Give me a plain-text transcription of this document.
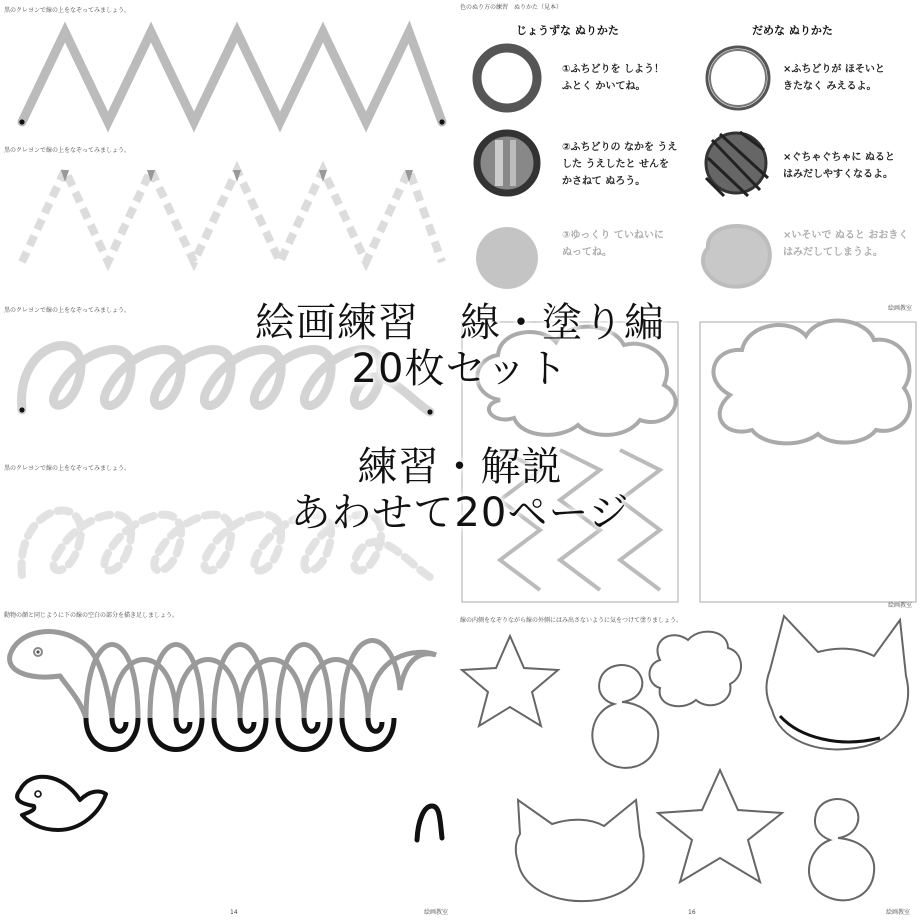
黒のクレヨンで線の上をなぞってみましょう。
黒のクレヨンで線の上をなぞってみましょう。
黒のクレヨンで線の上をなぞってみましょう。
黒のクレヨンで線の上をなぞってみましょう。
動物の顔と同じように下の線の空白の部分を描き足しましょう。
14	絵画教室
色のぬり方の練習　ぬりかた（見本）
じょうずな ぬりかた	だめな ぬりかた
①ふちどりを しよう！
ふとく かいてね。
×ふちどりが ほそいと
きたなく みえるよ。
②ふちどりの なかを うえ
した うえしたと せんを
かさねて ぬろう。
×ぐちゃぐちゃに ぬると
はみだしやすくなるよ。
③ゆっくり ていねいに
ぬってね。
×いそいで ぬると おおきく
はみだしてしまうよ。
絵画教室
絵画教室
線の内側をなぞりながら線の外側にはみ出さないように気をつけて塗りましょう。
16	絵画教室
絵画練習　線・塗り編
20枚セット
練習・解説
あわせて20ページ
